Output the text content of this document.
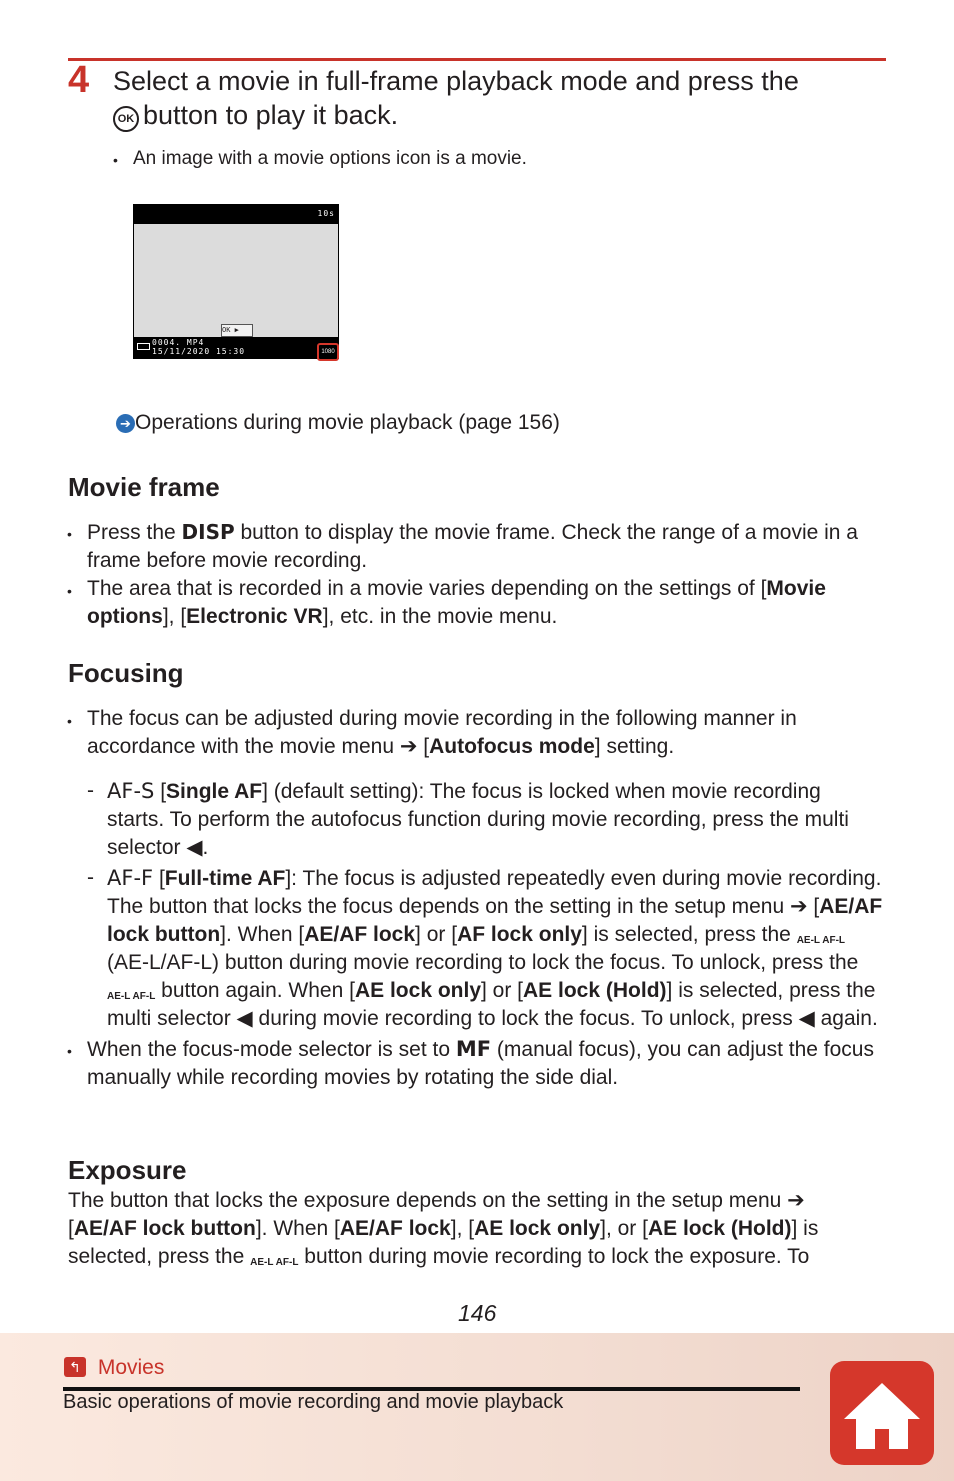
4 Select a movie in full-frame playback mode and press the
OK button to play it back.
• An image with a movie options icon is a movie.
10s
OK ▶
0004. MP4
15/11/2020 15:30	1080
➔ Operations during movie playback (page 156)
Movie frame
• Press the DISP button to display the movie frame. Check the range of a movie in a frame before movie recording.
• The area that is recorded in a movie varies depending on the settings of [Movie options], [Electronic VR], etc. in the movie menu.
Focusing
• The focus can be adjusted during movie recording in the following manner in accordance with the movie menu ➔ [Autofocus mode] setting.
- AF-S [Single AF] (default setting): The focus is locked when movie recording starts. To perform the autofocus function during movie recording, press the multi selector ◀.
- AF-F [Full-time AF]: The focus is adjusted repeatedly even during movie recording. The button that locks the focus depends on the setting in the setup menu ➔ [AE/AF lock button]. When [AE/AF lock] or [AF lock only] is selected, press the AE-L AF-L (AE-L/AF-L) button during movie recording to lock the focus. To unlock, press the AE-L AF-L button again. When [AE lock only] or [AE lock (Hold)] is selected, press the multi selector ◀ during movie recording to lock the focus. To unlock, press ◀ again.
• When the focus-mode selector is set to MF (manual focus), you can adjust the focus manually while recording movies by rotating the side dial.
Exposure
The button that locks the exposure depends on the setting in the setup menu ➔ [AE/AF lock button]. When [AE/AF lock], [AE lock only], or [AE lock (Hold)] is selected, press the AE-L AF-L button during movie recording to lock the exposure. To
146
↰ Movies
Basic operations of movie recording and movie playback
